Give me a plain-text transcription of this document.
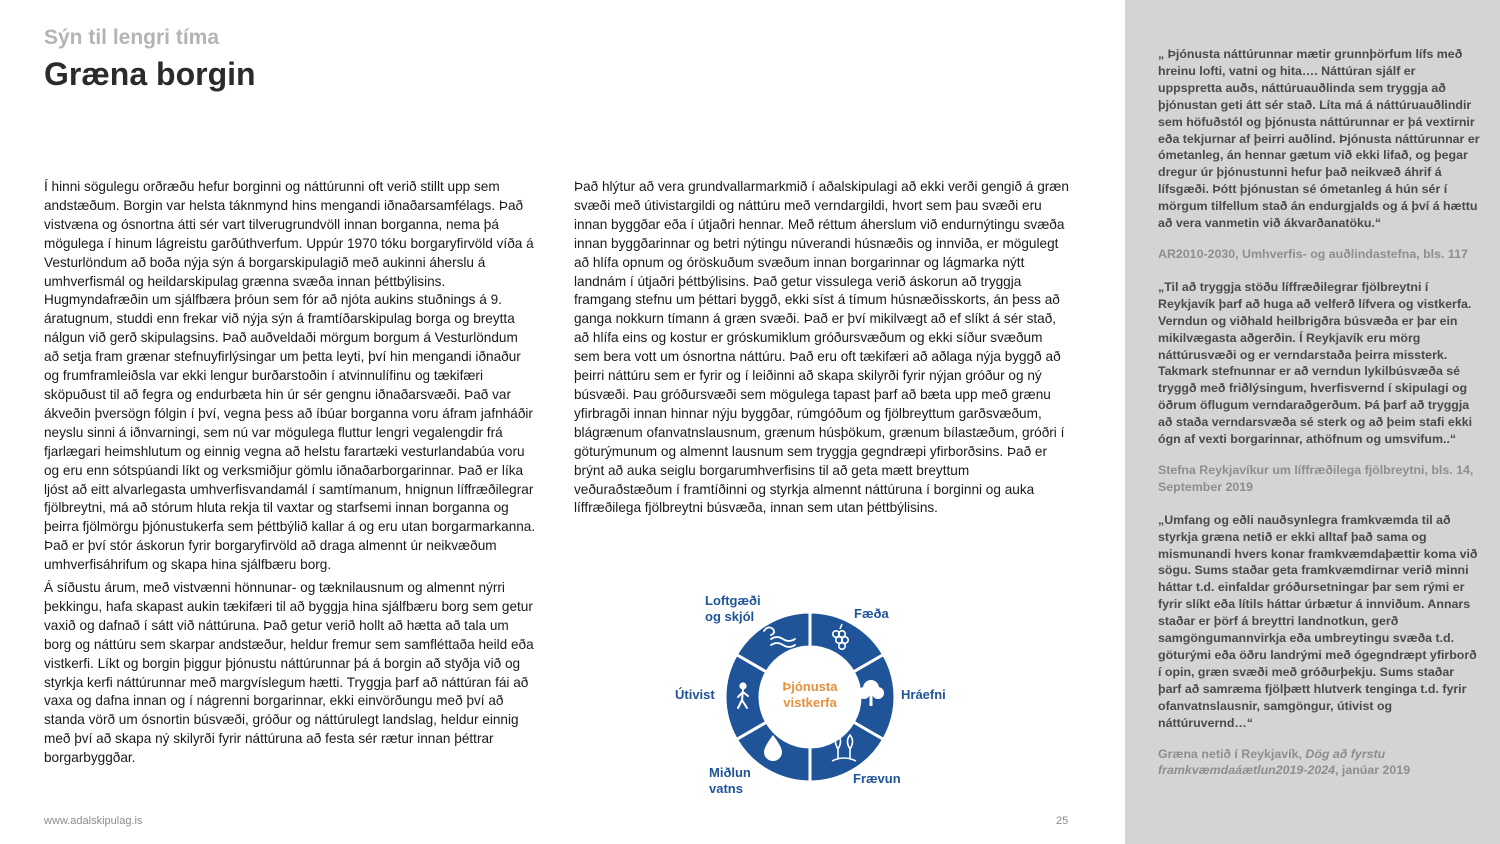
Sýn til lengri tíma
Græna borgin

Í hinni sögulegu orðræðu hefur borginni og náttúrunni oft verið stillt upp sem andstæðum. Borgin var helsta táknmynd hins mengandi iðnaðarsamfélags. Það vistvæna og ósnortna átti sér vart tilverugrundvöll innan borganna, nema þá mögulega í hinum lágreistu garðúthverfum. Uppúr 1970 tóku borgaryfirvöld víða á Vesturlöndum að boða nýja sýn á borgarskipulagið með aukinni áherslu á umhverfismál og heildarskipulag grænna svæða innan þéttbýlisins. Hugmyndafræðin um sjálfbæra þróun sem fór að njóta aukins stuðnings á 9. áratugnum, studdi enn frekar við nýja sýn á framtíðarskipulag borga og breytta nálgun við gerð skipulagsins. Það auðveldaði mörgum borgum á Vesturlöndum að setja fram grænar stefnuyfirlýsingar um þetta leyti, því hin mengandi iðnaður og frumframleiðsla var ekki lengur burðarstoðin í atvinnulífinu og tækifæri sköpuðust til að fegra og endurbæta hin úr sér gengnu iðnaðarsvæði. Það var ákveðin þversögn fólgin í því, vegna þess að íbúar borganna voru áfram jafnháðir neyslu sinni á iðnvarningi, sem nú var mögulega fluttur lengri vegalengdir frá fjarlægari heimshlutum og einnig vegna að helstu farartæki vesturlandabúa voru og eru enn sótspúandi líkt og verksmiðjur gömlu iðnaðarborgarinnar. Það er líka ljóst að eitt alvarlegasta umhverfisvandamál í samtímanum, hnignun líffræðilegrar fjölbreytni, má að stórum hluta rekja til vaxtar og starfsemi innan borganna og þeirra fjölmörgu þjónustukerfa sem þéttbýlið kallar á og eru utan borgarmarkanna. Það er því stór áskorun fyrir borgaryfirvöld að draga almennt úr neikvæðum umhverfisáhrifum og skapa hina sjálfbæru borg.

Á síðustu árum, með vistvænni hönnunar- og tæknilausnum og almennt nýrri þekkingu, hafa skapast aukin tækifæri til að byggja hina sjálfbæru borg sem getur vaxið og dafnað í sátt við náttúruna. Það getur verið hollt að hætta að tala um borg og náttúru sem skarpar andstæður, heldur fremur sem samfléttaða heild eða vistkerfi. Líkt og borgin þiggur þjónustu náttúrunnar þá á borgin að styðja við og styrkja kerfi náttúrunnar með margvíslegum hætti. Tryggja þarf að náttúran fái að vaxa og dafna innan og í nágrenni borgarinnar, ekki einvörðungu með því að standa vörð um ósnortin búsvæði, gróður og náttúrulegt landslag, heldur einnig með því að skapa ný skilyrði fyrir náttúruna að festa sér rætur innan þéttrar borgarbyggðar.

Það hlýtur að vera grundvallarmarkmið í aðalskipulagi að ekki verði gengið á græn svæði með útivistargildi og náttúru með verndargildi, hvort sem þau svæði eru innan byggðar eða í útjaðri hennar. Með réttum áherslum við endurnýtingu svæða innan byggðarinnar og betri nýtingu núverandi húsnæðis og innviða, er mögulegt að hlífa opnum og óröskuðum svæðum innan borgarinnar og lágmarka nýtt landnám í útjaðri þéttbýlisins. Það getur vissulega verið áskorun að tryggja framgang stefnu um þéttari byggð, ekki síst á tímum húsnæðisskorts, án þess að ganga nokkurn tímann á græn svæði. Það er því mikilvægt að ef slíkt á sér stað, að hlífa eins og kostur er gróskumiklum gróðursvæðum og ekki síður svæðum sem bera vott um ósnortna náttúru. Það eru oft tækifæri að aðlaga nýja byggð að þeirri náttúru sem er fyrir og í leiðinni að skapa skilyrði fyrir nýjan gróður og ný búsvæði. Þau gróðursvæði sem mögulega tapast þarf að bæta upp með grænu yfirbragði innan hinnar nýju byggðar, rúmgóðum og fjölbreyttum garðsvæðum, blágrænum ofanvatnslausnum, grænum húsþökum, grænum bílastæðum, gróðri í göturýmunum og almennt lausnum sem tryggja gegndræpi yfirborðsins. Það er brýnt að auka seiglu borgarumhverfisins til að geta mætt breyttum veðuraðstæðum í framtíðinni og styrkja almennt náttúruna í borginni og auka líffræðilega fjölbreytni búsvæða, innan sem utan þéttbýlisins.

Þjónusta vistkerfa
Loftgæði og skjól	Fæða
Hráefni
Frævun
Miðlun vatns
Útivist
www.adalskipulag.is	25

„ Þjónusta náttúrunnar mætir grunnþörfum lífs með hreinu lofti, vatni og hita…. Náttúran sjálf er uppspretta auðs, náttúruauðlinda sem tryggja að þjónustan geti átt sér stað. Líta má á náttúruauðlindir sem höfuðstól og þjónusta náttúrunnar er þá vextirnir eða tekjurnar af þeirri auðlind. Þjónusta náttúrunnar er ómetanleg, án hennar gætum við ekki lifað, og þegar dregur úr þjónustunni hefur það neikvæð áhrif á lífsgæði. Þótt þjónustan sé ómetanleg á hún sér í mörgum tilfellum stað án endurgjalds og á því á hættu að vera vanmetin við ákvarðanatöku.“

AR2010-2030, Umhverfis- og auðlindastefna, bls. 117

„Til að tryggja stöðu líffræðilegrar fjölbreytni í Reykjavík þarf að huga að velferð lífvera og vistkerfa. Verndun og viðhald heilbrigðra búsvæða er þar ein mikilvægasta aðgerðin. Í Reykjavík eru mörg náttúrusvæði og er verndarstaða þeirra missterk. Takmark stefnunnar er að verndun lykilbúsvæða sé tryggð með friðlýsingum, hverfisvernd í skipulagi og öðrum öflugum verndaraðgerðum. Þá þarf að tryggja að staða verndarsvæða sé sterk og að þeim stafi ekki ógn af vexti borgarinnar, athöfnum og umsvifum..“

Stefna Reykjavíkur um líffræðilega fjölbreytni, bls. 14, September 2019

„Umfang og eðli nauðsynlegra framkvæmda til að styrkja græna netið er ekki alltaf það sama og mismunandi hvers konar framkvæmdaþættir koma við sögu. Sums staðar geta framkvæmdirnar verið minni háttar t.d. einfaldar gróðursetningar þar sem rými er fyrir slíkt eða lítils háttar úrbætur á innviðum. Annars staðar er þörf á breyttri landnotkun, gerð samgöngumannvirkja eða umbreytingu svæða t.d. göturými eða öðru landrými með ógegndræpt yfirborð í opin, græn svæði með gróðurþekju. Sums staðar þarf að samræma fjölþætt hlutverk tenginga t.d. fyrir ofanvatnslausnir, samgöngur, útivist og náttúruvernd…“

Græna netið í Reykjavík, Dög að fyrstu framkvæmdaáætlun2019-2024, janúar 2019
